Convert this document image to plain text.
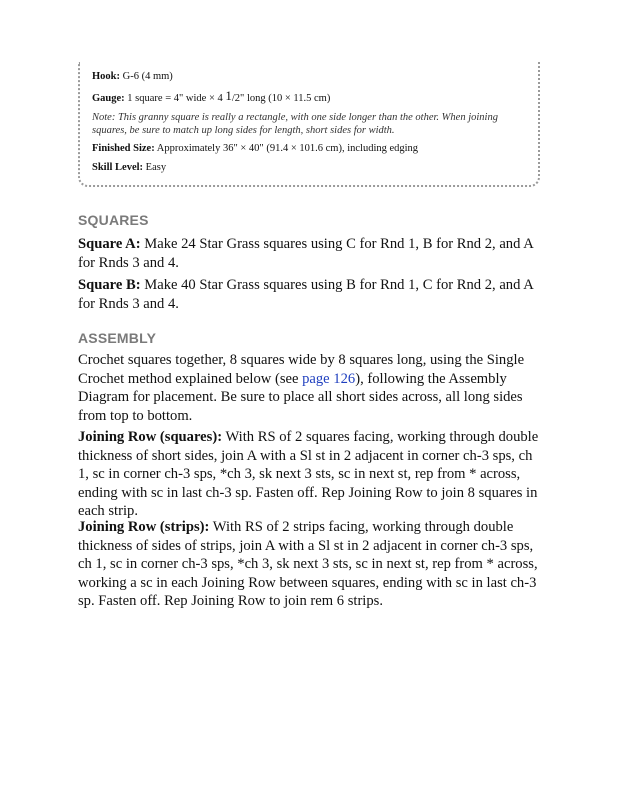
Hook: G-6 (4 mm)

Gauge: 1 square = 4" wide × 4 1/2" long (10 × 11.5 cm)

Note: This granny square is really a rectangle, with one side longer than the other. When joining squares, be sure to match up long sides for length, short sides for width.

Finished Size: Approximately 36" × 40" (91.4 × 101.6 cm), including edging

Skill Level: Easy

SQUARES

Square A: Make 24 Star Grass squares using C for Rnd 1, B for Rnd 2, and A for Rnds 3 and 4.

Square B: Make 40 Star Grass squares using B for Rnd 1, C for Rnd 2, and A for Rnds 3 and 4.

ASSEMBLY

Crochet squares together, 8 squares wide by 8 squares long, using the Single Crochet method explained below (see page 126), following the Assembly Diagram for placement. Be sure to place all short sides across, all long sides from top to bottom.

Joining Row (squares): With RS of 2 squares facing, working through double thickness of short sides, join A with a Sl st in 2 adjacent in corner ch-3 sps, ch 1, sc in corner ch-3 sps, *ch 3, sk next 3 sts, sc in next st, rep from * across, ending with sc in last ch-3 sp. Fasten off. Rep Joining Row to join 8 squares in each strip.

Joining Row (strips): With RS of 2 strips facing, working through double thickness of sides of strips, join A with a Sl st in 2 adjacent in corner ch-3 sps, ch 1, sc in corner ch-3 sps, *ch 3, sk next 3 sts, sc in next st, rep from * across, working a sc in each Joining Row between squares, ending with sc in last ch-3 sp. Fasten off. Rep Joining Row to join rem 6 strips.
